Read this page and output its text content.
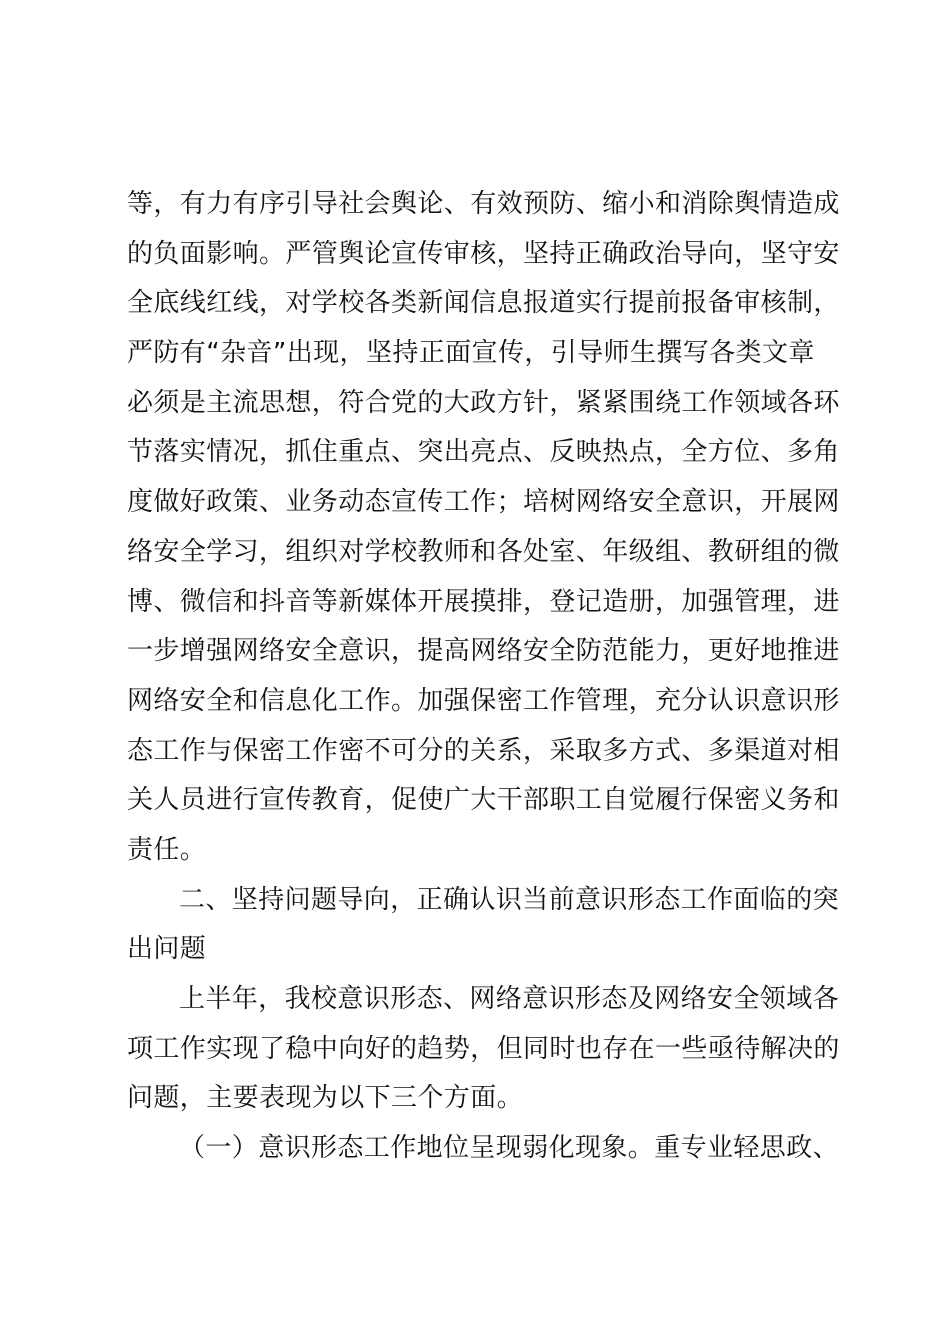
等，有力有序引导社会舆论、有效预防、缩小和消除舆情造成
的负面影响。严管舆论宣传审核，坚持正确政治导向，坚守安
全底线红线，对学校各类新闻信息报道实行提前报备审核制，
严防有“杂音”出现，坚持正面宣传，引导师生撰写各类文章
必须是主流思想，符合党的大政方针，紧紧围绕工作领域各环
节落实情况，抓住重点、突出亮点、反映热点，全方位、多角
度做好政策、业务动态宣传工作；培树网络安全意识，开展网
络安全学习，组织对学校教师和各处室、年级组、教研组的微
博、微信和抖音等新媒体开展摸排，登记造册，加强管理，进
一步增强网络安全意识，提高网络安全防范能力，更好地推进
网络安全和信息化工作。加强保密工作管理，充分认识意识形
态工作与保密工作密不可分的关系，采取多方式、多渠道对相
关人员进行宣传教育，促使广大干部职工自觉履行保密义务和
责任。
二、坚持问题导向，正确认识当前意识形态工作面临的突
出问题
上半年，我校意识形态、网络意识形态及网络安全领域各
项工作实现了稳中向好的趋势，但同时也存在一些亟待解决的
问题，主要表现为以下三个方面。
（一）意识形态工作地位呈现弱化现象。重专业轻思政、
